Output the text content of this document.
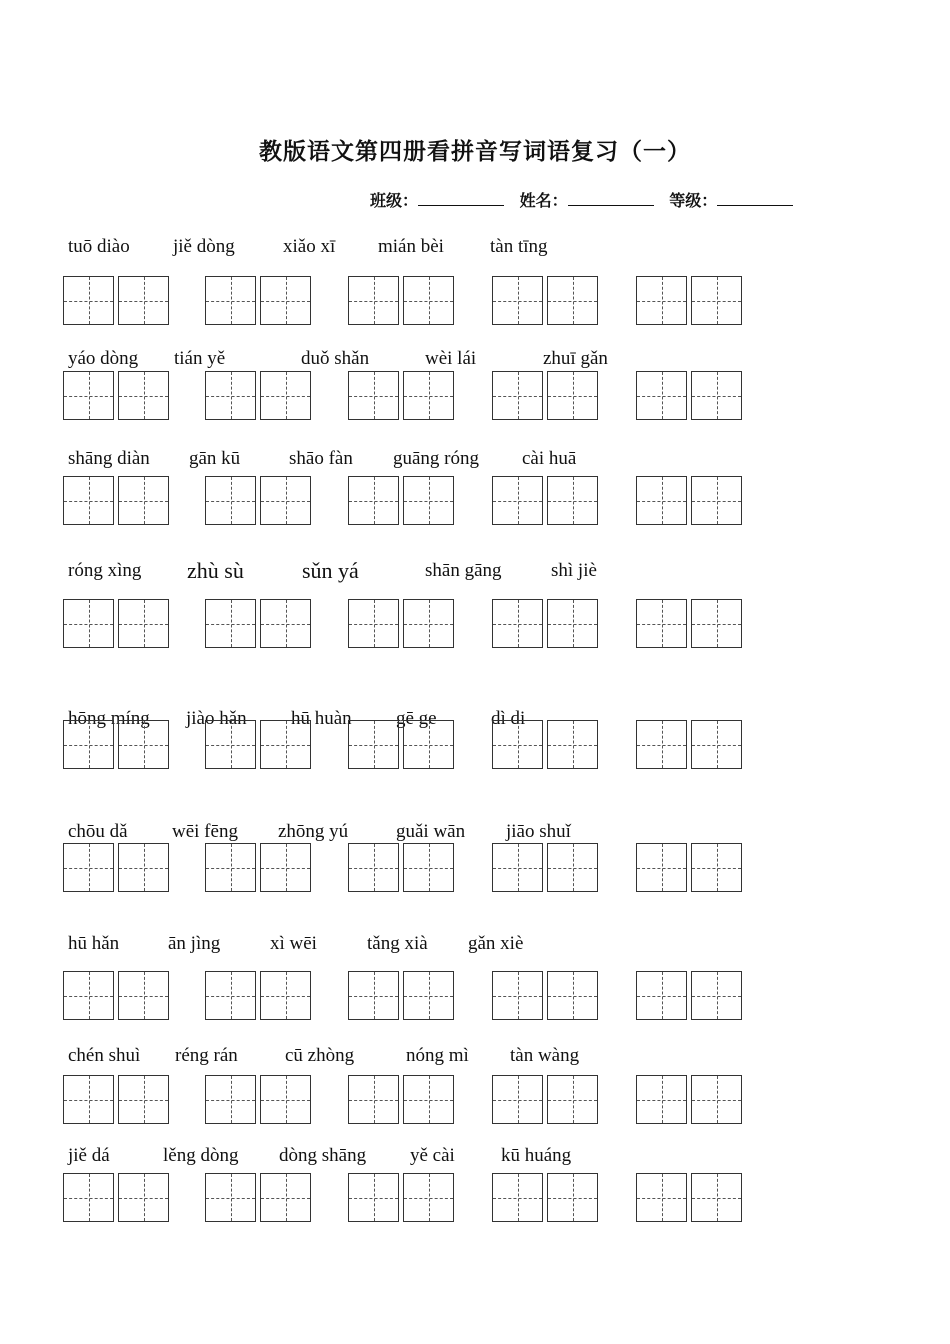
教版语文第四册看拼音写词语复习（一）
班级：	姓名：	等级：
tuō diào jiě dòng	xiǎo xī mián bèi tàn tīng
yáo dòng tián yě	duǒ shǎn	wèi lái	zhuī gǎn
shāng diàn gān kū	shāo fàn guāng róng cài huā
róng xìng zhù sù	sǔn yá	shān gāng	shì jiè
hōng míng jiào hǎn hū huàn gē ge	dì di
chōu dǎ wēi fēng zhōng yú	guǎi wān jiāo shuǐ
hū hǎn	ān jìng	xì wēi	tǎng xià gǎn xiè
chén shuì réng rán cū zhòng	nóng mì tàn wàng
jiě dá	lěng dòng dòng shāng yě cài kū huáng
